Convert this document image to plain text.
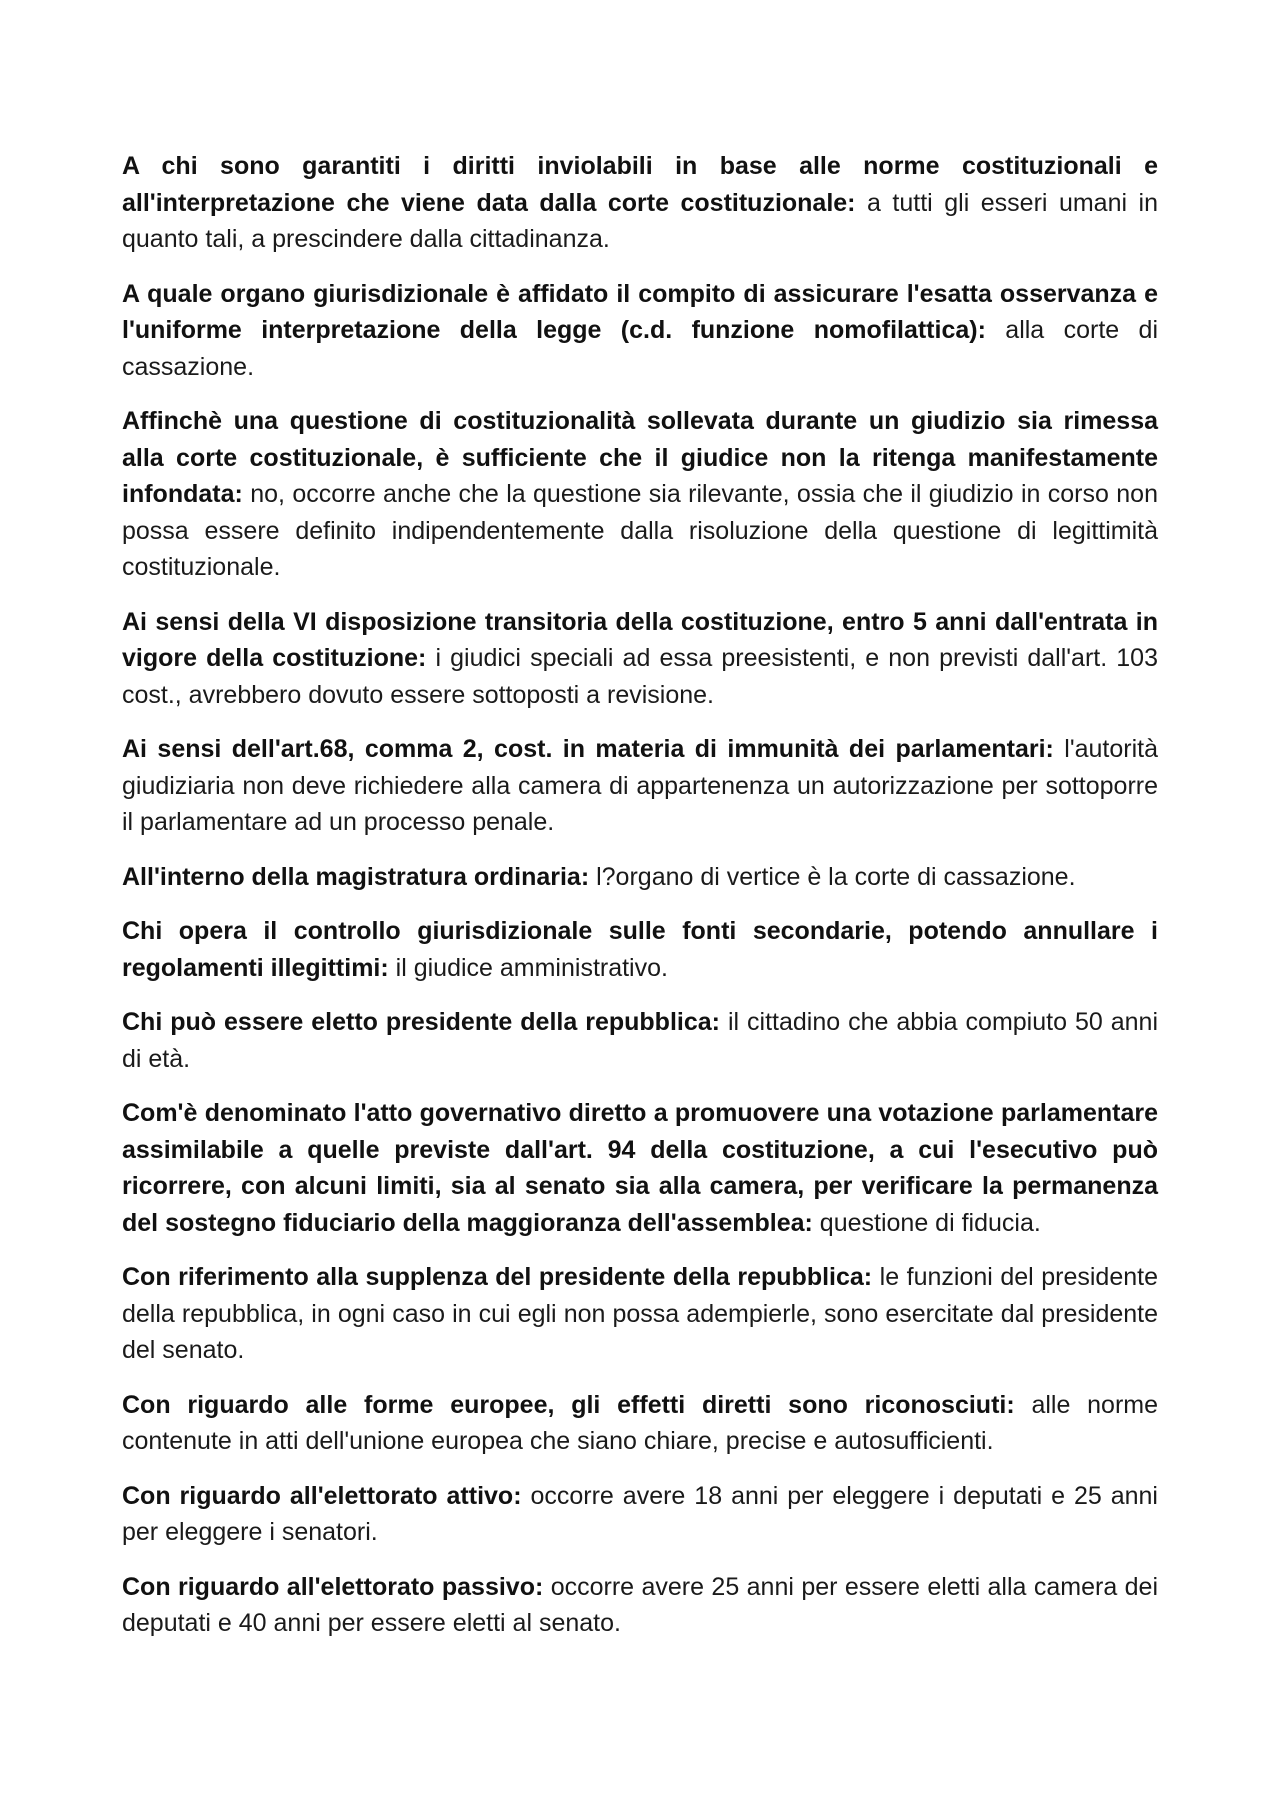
A chi sono garantiti i diritti inviolabili in base alle norme costituzionali e all'interpretazione che viene data dalla corte costituzionale: a tutti gli esseri umani in quanto tali, a prescindere dalla cittadinanza.

A quale organo giurisdizionale è affidato il compito di assicurare l'esatta osservanza e l'uniforme interpretazione della legge (c.d. funzione nomofilattica): alla corte di cassazione.

Affinchè una questione di costituzionalità sollevata durante un giudizio sia rimessa alla corte costituzionale, è sufficiente che il giudice non la ritenga manifestamente infondata: no, occorre anche che la questione sia rilevante, ossia che il giudizio in corso non possa essere definito indipendentemente dalla risoluzione della questione di legittimità costituzionale.

Ai sensi della VI disposizione transitoria della costituzione, entro 5 anni dall'entrata in vigore della costituzione: i giudici speciali ad essa preesistenti, e non previsti dall'art. 103 cost., avrebbero dovuto essere sottoposti a revisione.

Ai sensi dell'art.68, comma 2, cost. in materia di immunità dei parlamentari: l'autorità giudiziaria non deve richiedere alla camera di appartenenza un autorizzazione per sottoporre il parlamentare ad un processo penale.

All'interno della magistratura ordinaria: l?organo di vertice è la corte di cassazione.

Chi opera il controllo giurisdizionale sulle fonti secondarie, potendo annullare i regolamenti illegittimi: il giudice amministrativo.

Chi può essere eletto presidente della repubblica: il cittadino che abbia compiuto 50 anni di età.

Com'è denominato l'atto governativo diretto a promuovere una votazione parlamentare assimilabile a quelle previste dall'art. 94 della costituzione, a cui l'esecutivo può ricorrere, con alcuni limiti, sia al senato sia alla camera, per verificare la permanenza del sostegno fiduciario della maggioranza dell'assemblea: questione di fiducia.

Con riferimento alla supplenza del presidente della repubblica: le funzioni del presidente della repubblica, in ogni caso in cui egli non possa adempierle, sono esercitate dal presidente del senato.

Con riguardo alle forme europee, gli effetti diretti sono riconosciuti: alle norme contenute in atti dell'unione europea che siano chiare, precise e autosufficienti.

Con riguardo all'elettorato attivo: occorre avere 18 anni per eleggere i deputati e 25 anni per eleggere i senatori.

Con riguardo all'elettorato passivo: occorre avere 25 anni per essere eletti alla camera dei deputati e 40 anni per essere eletti al senato.
